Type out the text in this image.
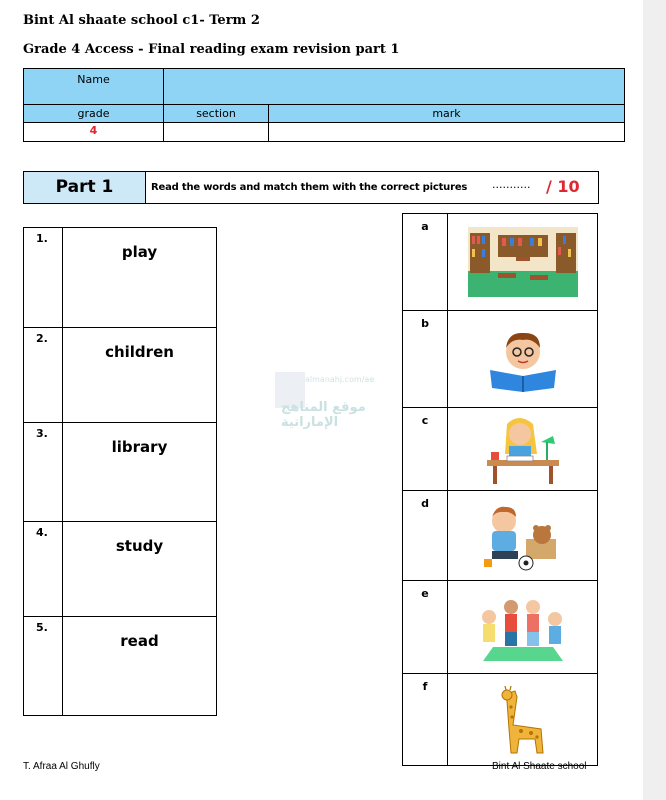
Bint Al shaate school c1- Term 2
Grade 4 Access - Final reading exam revision part 1
Name
grade	section	mark
4
Part 1	Read the words and match them with the correct pictures ........... / 10
1.
play
2.
children
3.
library
4.
study
5.
read
almanahj.com/ae
موقع المناهج الإماراتية
a
b
c
d
e
f
T. Afraa Al Ghufly	Bint Al Shaate school
